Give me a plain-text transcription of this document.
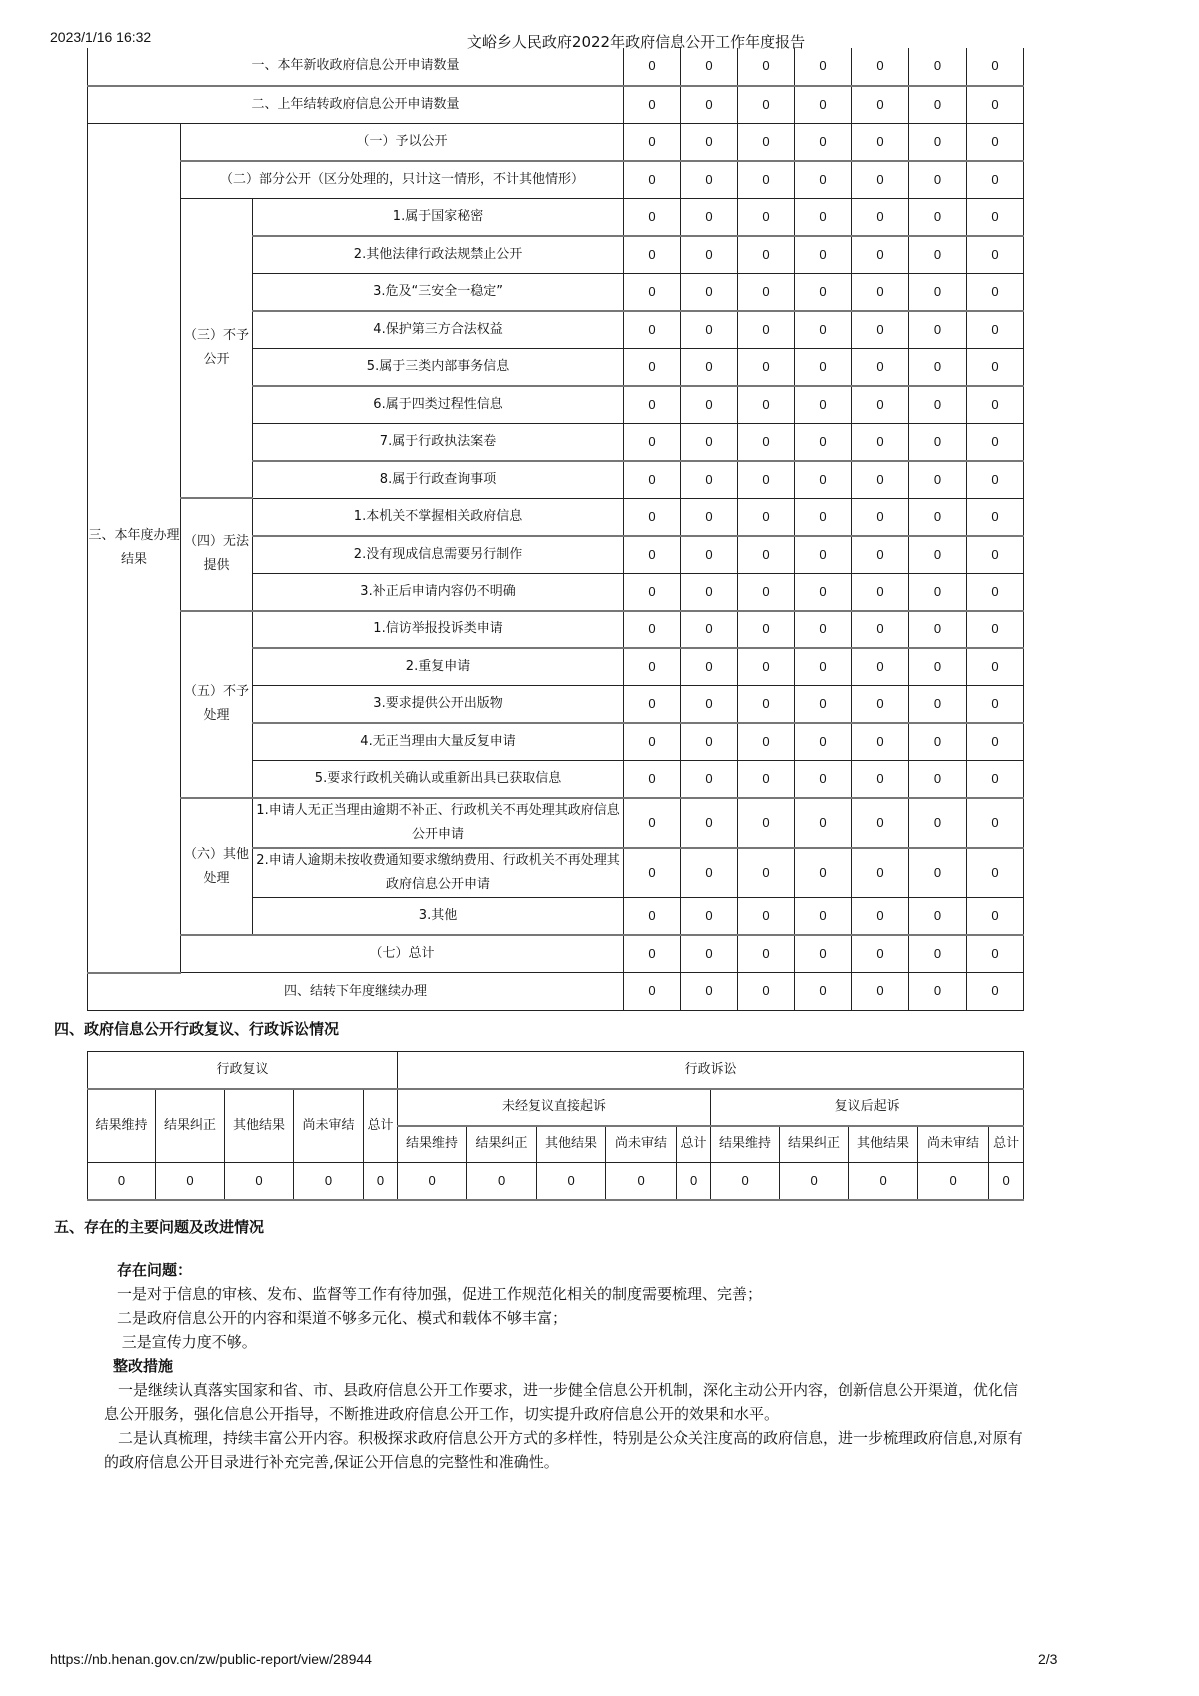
2023/1/16 16:32	文峪乡人民政府2022年政府信息公开工作年度报告
一、本年新收政府信息公开申请数量			0	0	0	0	0	0	0
二、上年结转政府信息公开申请数量			0	0	0	0	0	0	0
三、本年度办理结果	（一）予以公开		0	0	0	0	0	0	0
	（二）部分公开（区分处理的，只计这一情形，不计其他情形）		0	0	0	0	0	0	0
	（三）不予公开	1.属于国家秘密	0	0	0	0	0	0	0
		2.其他法律行政法规禁止公开	0	0	0	0	0	0	0
		3.危及“三安全一稳定”	0	0	0	0	0	0	0
		4.保护第三方合法权益	0	0	0	0	0	0	0
		5.属于三类内部事务信息	0	0	0	0	0	0	0
		6.属于四类过程性信息	0	0	0	0	0	0	0
		7.属于行政执法案卷	0	0	0	0	0	0	0
		8.属于行政查询事项	0	0	0	0	0	0	0
	（四）无法提供	1.本机关不掌握相关政府信息	0	0	0	0	0	0	0
		2.没有现成信息需要另行制作	0	0	0	0	0	0	0
		3.补正后申请内容仍不明确	0	0	0	0	0	0	0
	（五）不予处理	1.信访举报投诉类申请	0	0	0	0	0	0	0
		2.重复申请	0	0	0	0	0	0	0
		3.要求提供公开出版物	0	0	0	0	0	0	0
		4.无正当理由大量反复申请	0	0	0	0	0	0	0
		5.要求行政机关确认或重新出具已获取信息	0	0	0	0	0	0	0
	（六）其他处理	1.申请人无正当理由逾期不补正、行政机关不再处理其政府信息公开申请	0	0	0	0	0	0	0
		2.申请人逾期未按收费通知要求缴纳费用、行政机关不再处理其政府信息公开申请	0	0	0	0	0	0	0
		3.其他	0	0	0	0	0	0	0
	（七）总计		0	0	0	0	0	0	0
四、结转下年度继续办理			0	0	0	0	0	0	0
四、政府信息公开行政复议、行政诉讼情况
行政复议					行政诉讼									
结果维持	结果纠正	其他结果	尚未审结	总计	未经复议直接起诉					复议后起诉				
					结果维持	结果纠正	其他结果	尚未审结	总计	结果维持	结果纠正	其他结果	尚未审结	总计
0	0	0	0	0	0	0	0	0	0	0	0	0	0	0
五、存在的主要问题及改进情况
存在问题：
一是对于信息的审核、发布、监督等工作有待加强，促进工作规范化相关的制度需要梳理、完善；
二是政府信息公开的内容和渠道不够多元化、模式和载体不够丰富；
三是宣传力度不够。
整改措施
一是继续认真落实国家和省、市、县政府信息公开工作要求，进一步健全信息公开机制，深化主动公开内容，创新信息公开渠道，优化信息公开服务，强化信息公开指导，不断推进政府信息公开工作，切实提升政府信息公开的效果和水平。
二是认真梳理，持续丰富公开内容。积极探求政府信息公开方式的多样性，特别是公众关注度高的政府信息，进一步梳理政府信息,对原有的政府信息公开目录进行补充完善,保证公开信息的完整性和准确性。
https://nb.henan.gov.cn/zw/public-report/view/28944	2/3
